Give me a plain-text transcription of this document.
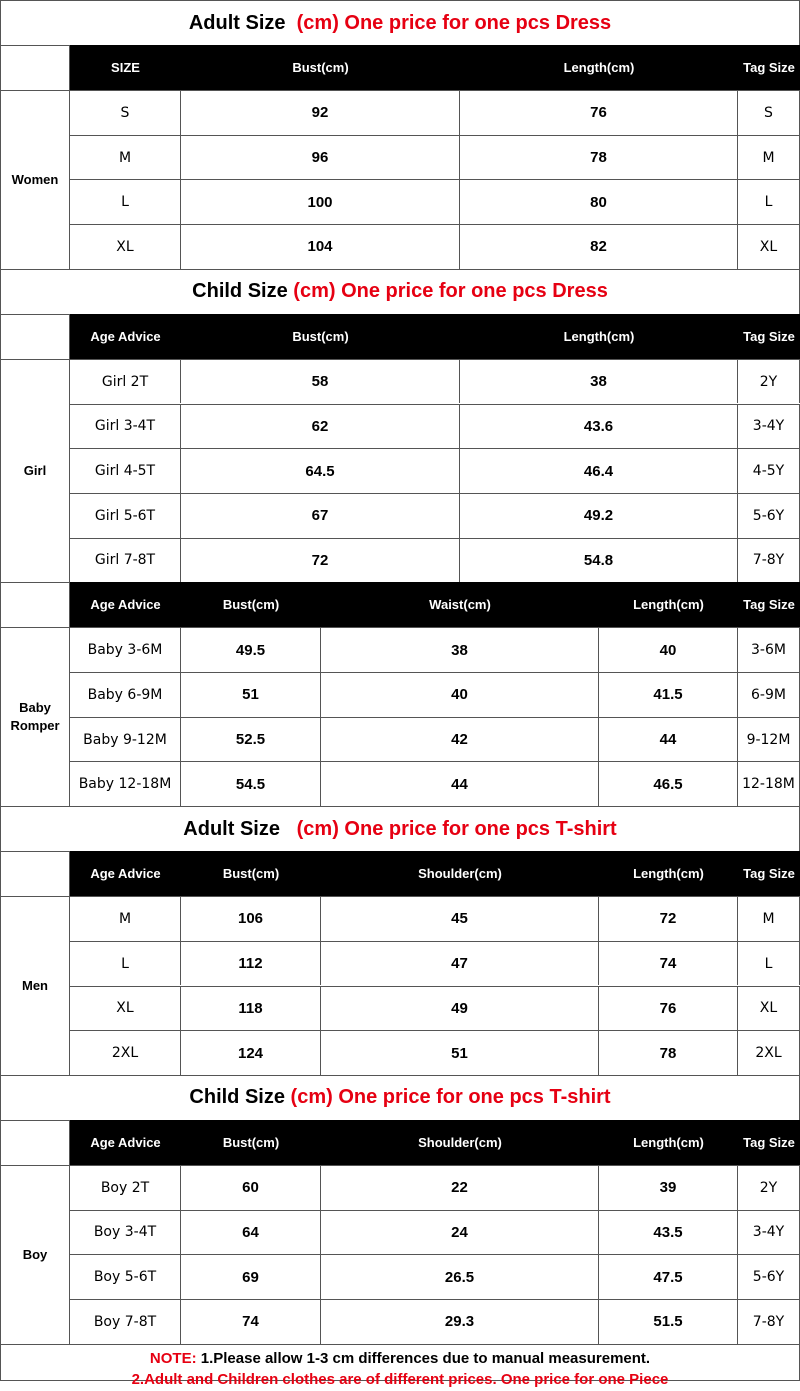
Adult Size (cm) One price for one pcs Dress
SIZE	Bust(cm)	Length(cm)	Tag Size
Women
S	92	76	S
M	96	78	M
L	100	80	L
XL	104	82	XL
Child Size (cm) One price for one pcs Dress
Age Advice	Bust(cm)	Length(cm)	Tag Size
Girl
Girl 2T	58	38	2Y
Girl 3-4T	62	43.6	3-4Y
Girl 4-5T	64.5	46.4	4-5Y
Girl 5-6T	67	49.2	5-6Y
Girl 7-8T	72	54.8	7-8Y
Age Advice	Bust(cm)	Waist(cm)	Length(cm)	Tag Size
Baby
Romper
Baby 3-6M	49.5	38	40	3-6M
Baby 6-9M	51	40	41.5	6-9M
Baby 9-12M	52.5	42	44	9-12M
Baby 12-18M	54.5	44	46.5	12-18M
Adult Size (cm) One price for one pcs T-shirt
Age Advice	Bust(cm)	Shoulder(cm)	Length(cm)	Tag Size
Men
M	106	45	72	M
L	112	47	74	L
XL	118	49	76	XL
2XL	124	51	78	2XL
Child Size (cm) One price for one pcs T-shirt
Age Advice	Bust(cm)	Shoulder(cm)	Length(cm)	Tag Size
Boy
Boy 2T	60	22	39	2Y
Boy 3-4T	64	24	43.5	3-4Y
Boy 5-6T	69	26.5	47.5	5-6Y
Boy 7-8T	74	29.3	51.5	7-8Y
NOTE: 1.Please allow 1-3 cm differences due to manual measurement.
2.Adult and Children clothes are of different prices. One price for one Piece
